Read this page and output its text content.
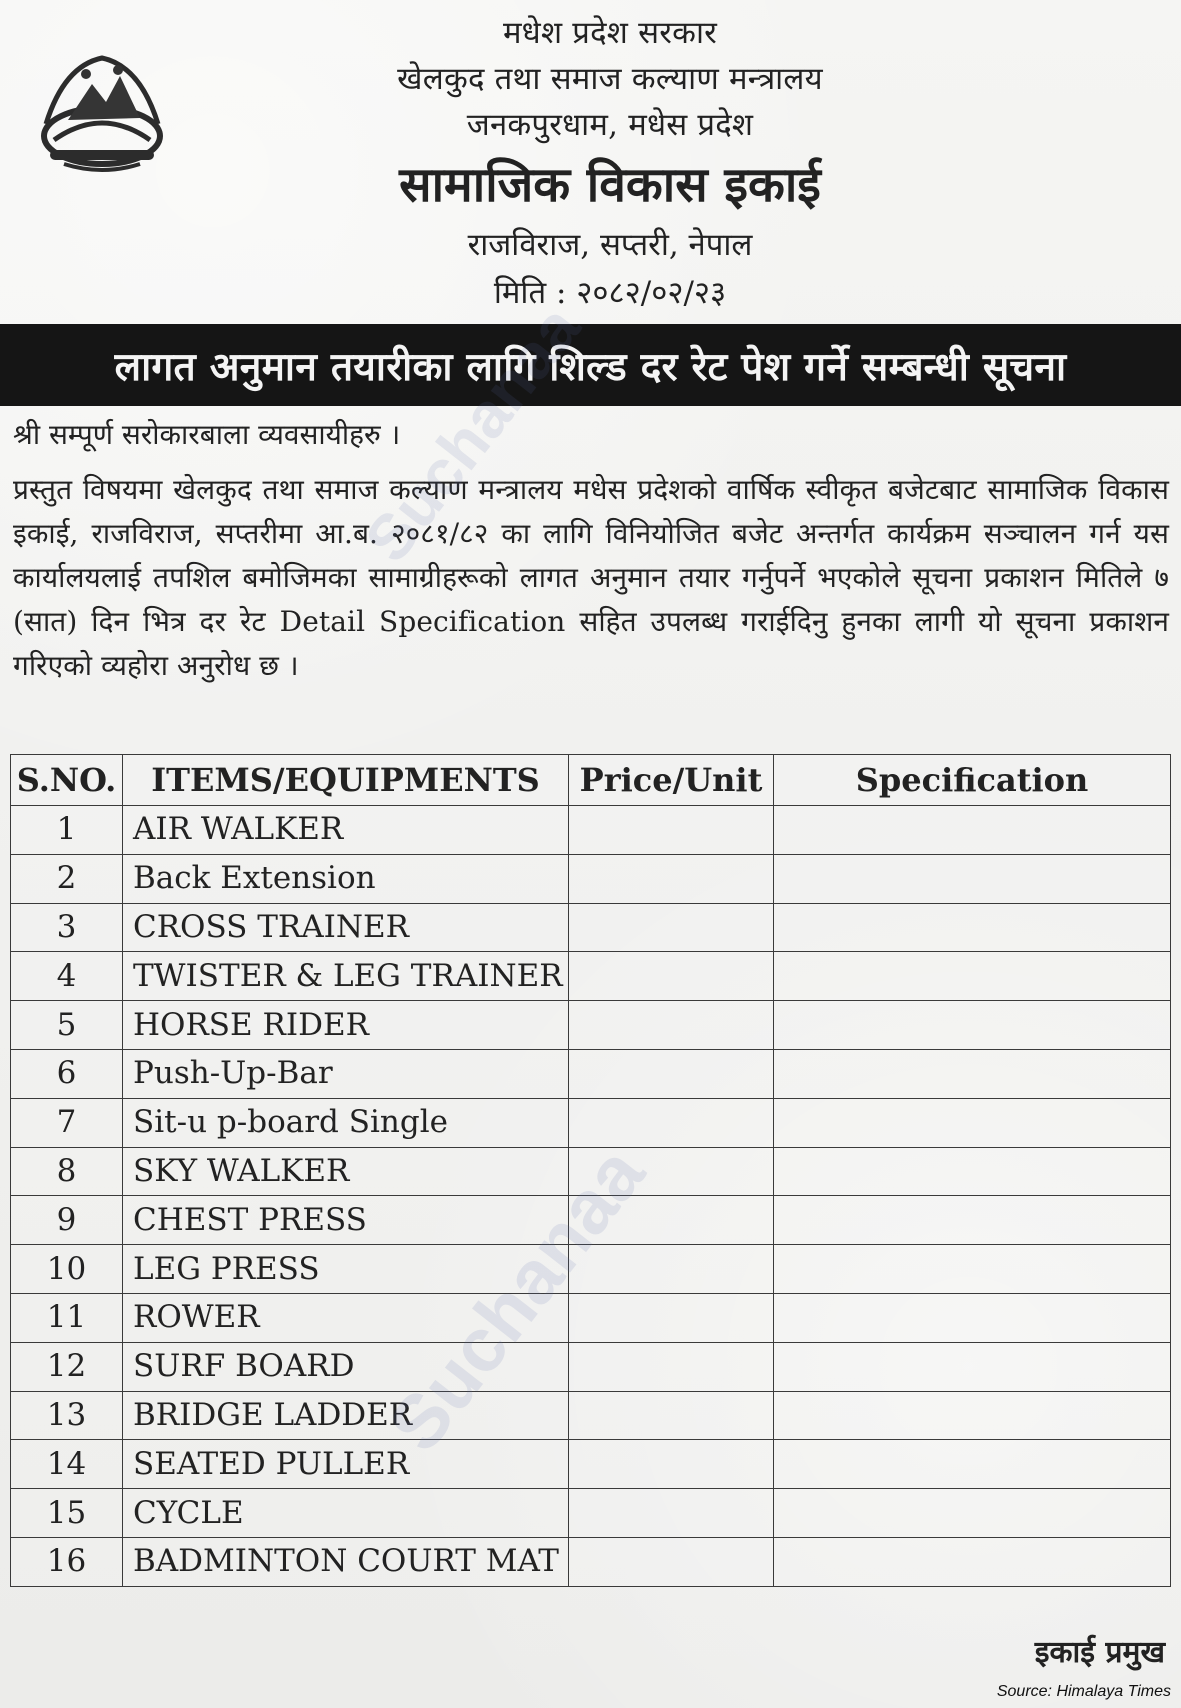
मधेश प्रदेश सरकार
खेलकुद तथा समाज कल्याण मन्त्रालय
जनकपुरधाम, मधेस प्रदेश
सामाजिक विकास इकाई
राजविराज, सप्तरी, नेपाल
मिति : २०८२/०२/२३
लागत अनुमान तयारीका लागि शिल्ड दर रेट पेश गर्ने सम्बन्धी सूचना
श्री सम्पूर्ण सरोकारबाला व्यवसायीहरु ।
प्रस्तुत विषयमा खेलकुद तथा समाज कल्याण मन्त्रालय मधेस प्रदेशको वार्षिक स्वीकृत बजेटबाट सामाजिक विकास इकाई, राजविराज, सप्तरीमा आ.ब. २०८१/८२ का लागि विनियोजित बजेट अन्तर्गत कार्यक्रम सञ्चालन गर्न यस कार्यालयलाई तपशिल बमोजिमका सामाग्रीहरूको लागत अनुमान तयार गर्नुपर्ने भएकोले सूचना प्रकाशन मितिले ७ (सात) दिन भित्र दर रेट Detail Specification सहित उपलब्ध गराईदिनु हुनका लागी यो सूचना प्रकाशन गरिएको व्यहोरा अनुरोध छ ।
S.NO.	ITEMS/EQUIPMENTS	Price/Unit	Specification
1	AIR WALKER		
2	Back Extension		
3	CROSS TRAINER		
4	TWISTER & LEG TRAINER		
5	HORSE RIDER		
6	Push-Up-Bar		
7	Sit-u p-board Single		
8	SKY WALKER		
9	CHEST PRESS		
10	LEG PRESS		
11	ROWER		
12	SURF BOARD		
13	BRIDGE LADDER		
14	SEATED PULLER		
15	CYCLE		
16	BADMINTON COURT MAT		
इकाई प्रमुख
Source: Himalaya Times
Suchanaa
Suchanaa
